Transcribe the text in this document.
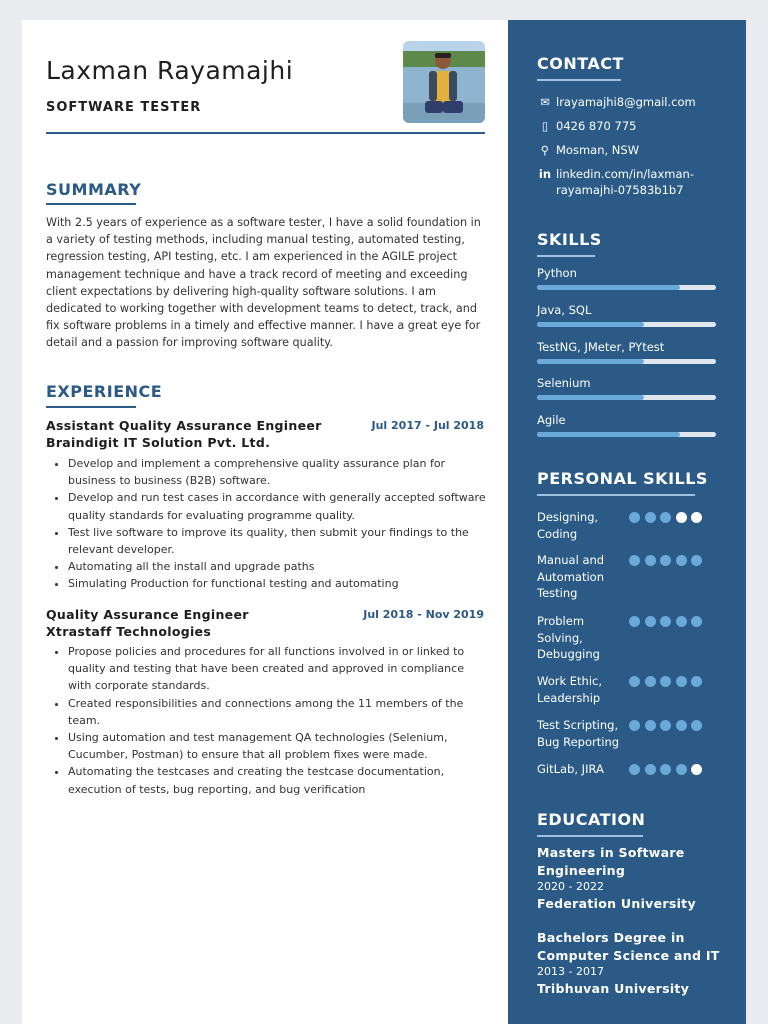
Laxman Rayamajhi
SOFTWARE TESTER
SUMMARY

With 2.5 years of experience as a software tester, I have a solid foundation in a variety of testing methods, including manual testing, automated testing, regression testing, API testing, etc. I am experienced in the AGILE project management technique and have a track record of meeting and exceeding client expectations by delivering high-quality software solutions. I am dedicated to working together with development teams to detect, track, and fix software problems in a timely and effective manner. I have a great eye for detail and a passion for improving software quality.

EXPERIENCE
Assistant Quality Assurance Engineer	Jul 2017 - Jul 2018
Braindigit IT Solution Pvt. Ltd.
• Develop and implement a comprehensive quality assurance plan for business to business (B2B) software.
• Develop and run test cases in accordance with generally accepted software quality standards for evaluating programme quality.
• Test live software to improve its quality, then submit your findings to the relevant developer.
• Automating all the install and upgrade paths
• Simulating Production for functional testing and automating
Quality Assurance Engineer	Jul 2018 - Nov 2019
Xtrastaff Technologies
• Propose policies and procedures for all functions involved in or linked to quality and testing that have been created and approved in compliance with corporate standards.
• Created responsibilities and connections among the 11 members of the team.
• Using automation and test management QA technologies (Selenium, Cucumber, Postman) to ensure that all problem fixes were made.
• Automating the testcases and creating the testcase documentation, execution of tests, bug reporting, and bug verification
CONTACT
✉ lrayamajhi8@gmail.com
▯ 0426 870 775
⚲ Mosman, NSW
in linkedin.com/in/laxman-rayamajhi-07583b1b7
SKILLS
Python
Java, SQL
TestNG, JMeter, PYtest
Selenium
Agile
PERSONAL SKILLS
Designing, Coding
Manual and Automation Testing
Problem Solving, Debugging
Work Ethic, Leadership
Test Scripting, Bug Reporting
GitLab, JIRA
EDUCATION
Masters in Software Engineering
2020 - 2022
Federation University
Bachelors Degree in Computer Science and IT
2013 - 2017
Tribhuvan University
